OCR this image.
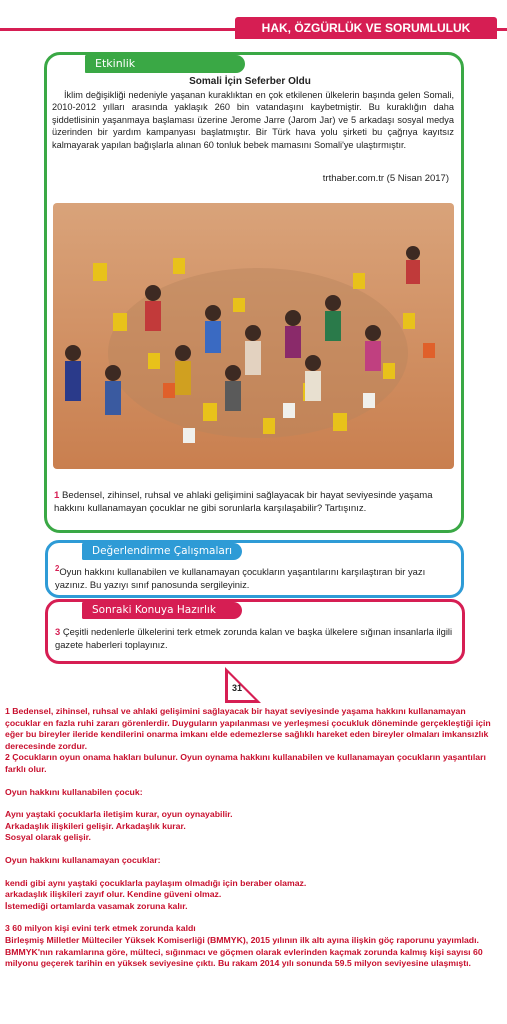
HAK, ÖZGÜRLÜK VE SORUMLULUK
Etkinlik
Somali İçin Seferber Oldu
İklim değişikliği nedeniyle yaşanan kuraklıktan en çok etkilenen ülkelerin başında gelen Somali, 2010-2012 yılları arasında yaklaşık 260 bin vatandaşını kaybetmiştir. Bu kuraklığın daha şiddetlisinin yaşanmaya başlaması üzerine Jerome Jarre (Jarom Jar) ve 5 arkadaşı sosyal medya üzerinden bir yardım kampanyası başlatmıştır. Bir Türk hava yolu şirketi bu çağrıya kayıtsız kalmayarak yapılan bağışlarla alınan 60 tonluk bebek mamasını Somali'ye ulaştırmıştır.
trthaber.com.tr (5 Nisan 2017)
1 Bedensel, zihinsel, ruhsal ve ahlaki gelişimini sağlayacak bir hayat seviyesinde yaşama hakkını kullanamayan çocuklar ne gibi sorunlarla karşılaşabilir? Tartışınız.
Değerlendirme Çalışmaları
$^2$Oyun hakkını kullanabilen ve kullanamayan çocukların yaşantılarını karşılaştıran bir yazı yazınız. Bu yazıyı sınıf panosunda sergileyiniz.
Sonraki Konuya Hazırlık
3 Çeşitli nedenlerle ülkelerini terk etmek zorunda kalan ve başka ülkelere sığınan insanlarla ilgili gazete haberleri toplayınız.
31

1 Bedensel, zihinsel, ruhsal ve ahlaki gelişimini sağlayacak bir hayat seviyesinde yaşama hakkını kullanamayan çocuklar en fazla ruhi zararı görenlerdir. Duyguların yapılanması ve yerleşmesi çocukluk döneminde gerçekleştiği için eğer bu bireyler ileride kendilerini onarma imkanı elde edemezlerse sağlıklı hareket eden bireyler olmaları imkansızlık derecesinde zordur.

2 Çocukların oyun onama hakları bulunur. Oyun oynama hakkını kullanabilen ve kullanamayan çocukların yaşantıları farklı olur.

Oyun hakkını kullanabilen çocuk:

Aynı yaştaki çocuklarla iletişim kurar, oyun oynayabilir.

Arkadaşlık ilişkileri gelişir. Arkadaşlık kurar.

Sosyal olarak gelişir.

Oyun hakkını kullanamayan çocuklar:

kendi gibi aynı yaştaki çocuklarla paylaşım olmadığı için beraber olamaz.

arkadaşlık ilişkileri zayıf olur. Kendine güveni olmaz.

İstemediği ortamlarda vasamak zoruna kalır.

3 60 milyon kişi evini terk etmek zorunda kaldı

Birleşmiş Milletler Mülteciler Yüksek Komiserliği (BMMYK), 2015 yılının ilk altı ayına ilişkin göç raporunu yayımladı. BMMYK'nın rakamlarına göre, mülteci, sığınmacı ve göçmen olarak evlerinden kaçmak zorunda kalmış kişi sayısı 60 milyonu geçerek tarihin en yüksek seviyesine çıktı. Bu rakam 2014 yılı sonunda 59.5 milyon seviyesine ulaşmıştı.
